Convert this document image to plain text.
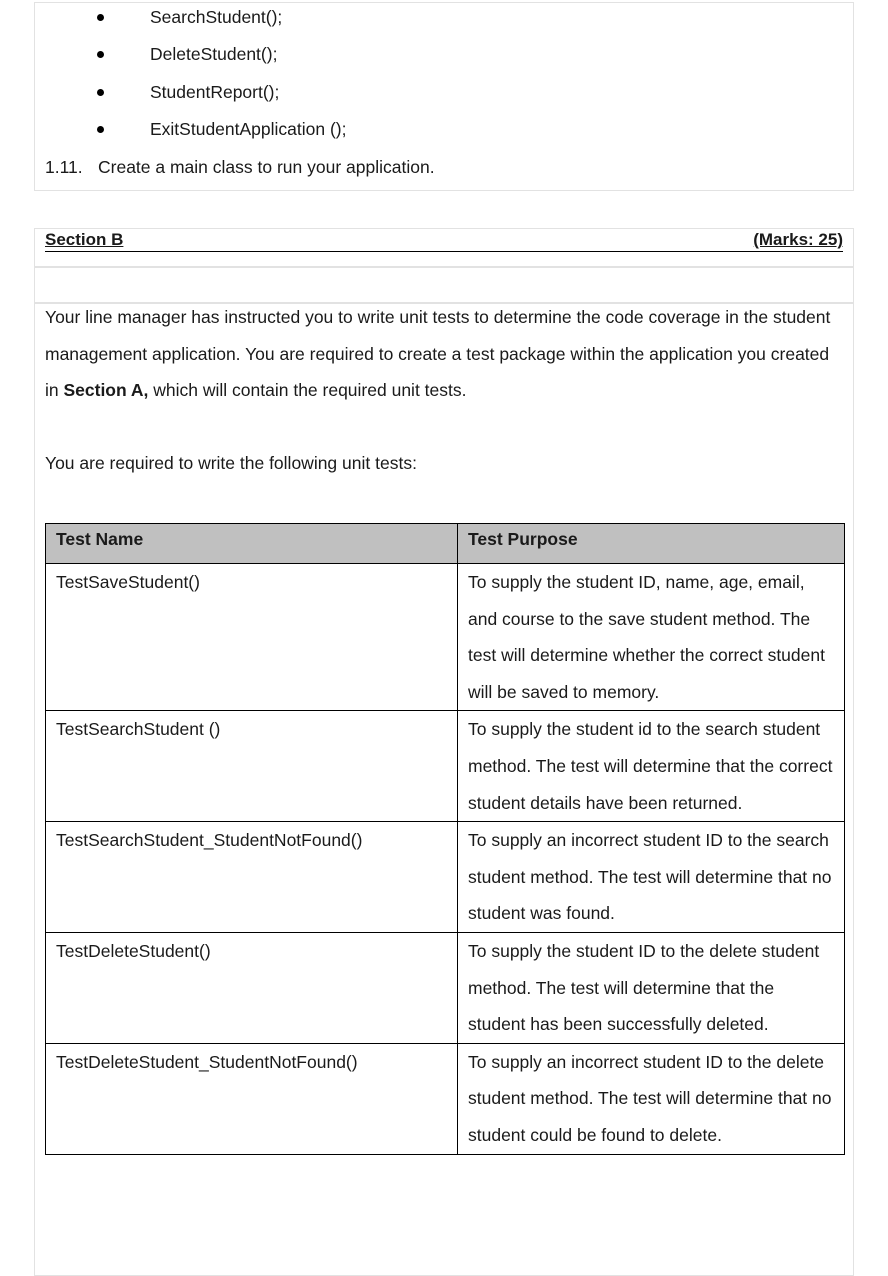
SearchStudent();
DeleteStudent();
StudentReport();
ExitStudentApplication ();
1.11. Create a main class to run your application.
Section B	(Marks: 25)
Your line manager has instructed you to write unit tests to determine the code coverage in the student management application. You are required to create a test package within the application you created in Section A, which will contain the required unit tests.
You are required to write the following unit tests:
Test Name	Test Purpose
TestSaveStudent()	To supply the student ID, name, age, email, and course to the save student method. The test will determine whether the correct student will be saved to memory.
TestSearchStudent ()	To supply the student id to the search student method. The test will determine that the correct student details have been returned.
TestSearchStudent_StudentNotFound()	To supply an incorrect student ID to the search student method. The test will determine that no student was found.
TestDeleteStudent()	To supply the student ID to the delete student method. The test will determine that the student has been successfully deleted.
TestDeleteStudent_StudentNotFound()	To supply an incorrect student ID to the delete student method. The test will determine that no student could be found to delete.
